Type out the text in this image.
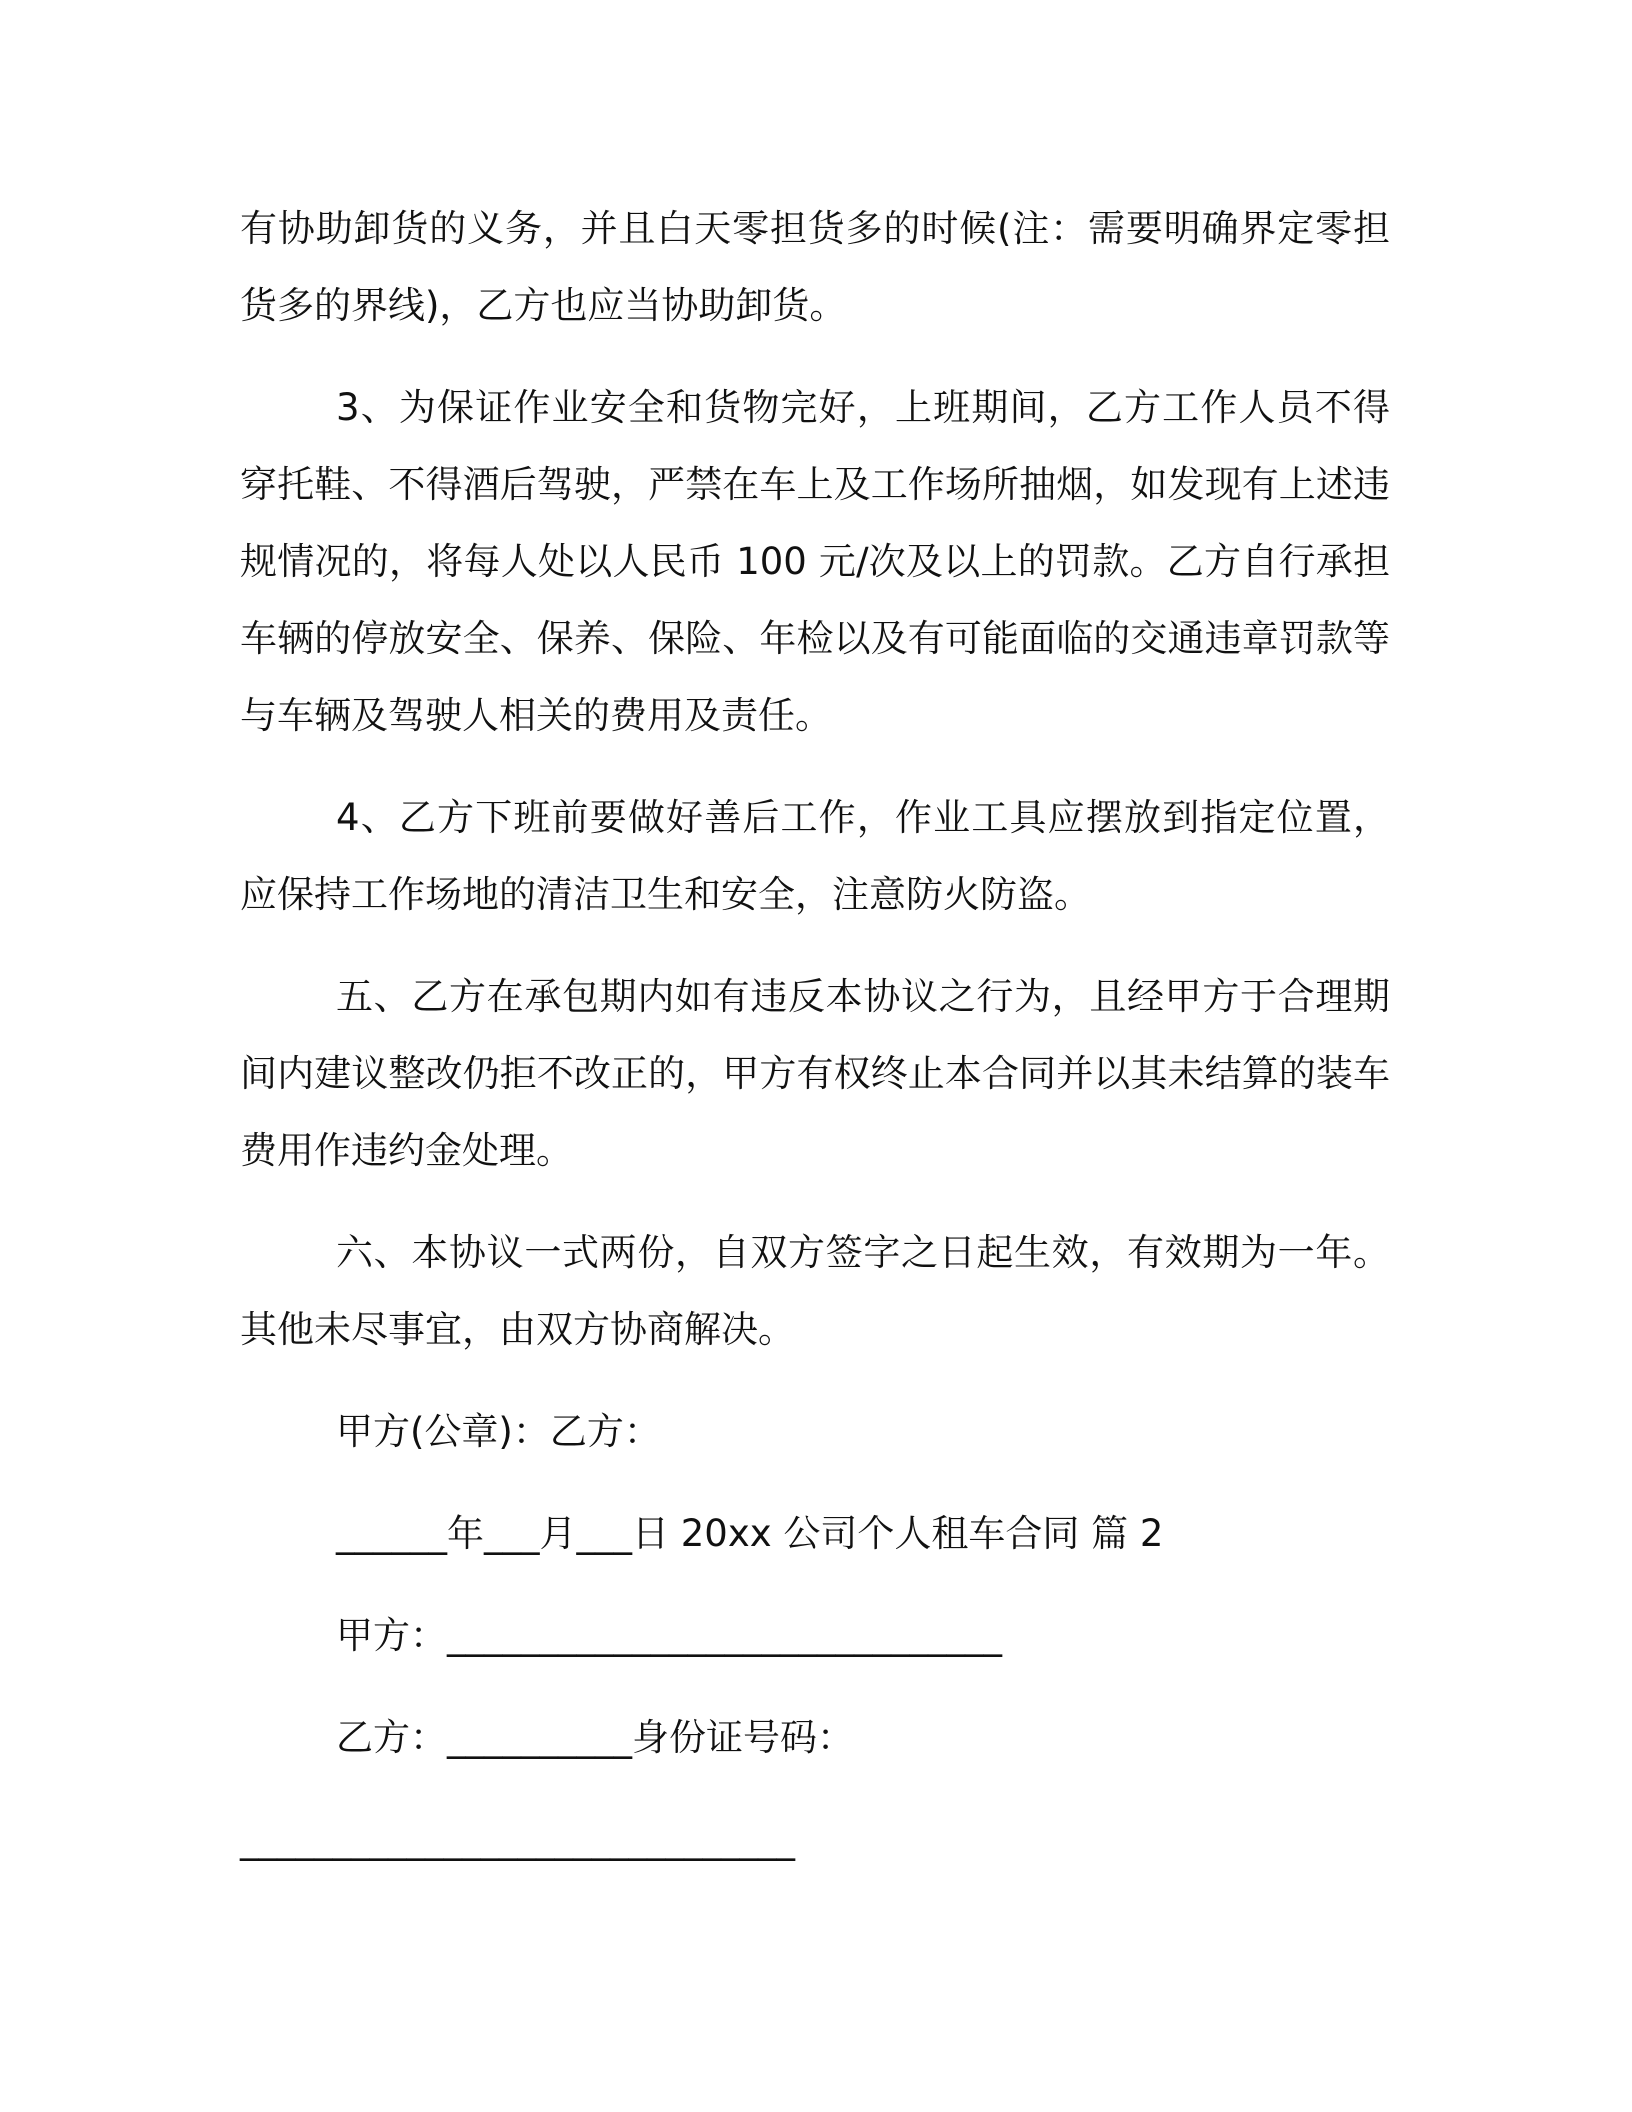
有协助卸货的义务，并且白天零担货多的时候(注：需要明确界定零担货多的界线)，乙方也应当协助卸货。

3、为保证作业安全和货物完好，上班期间，乙方工作人员不得穿托鞋、不得酒后驾驶，严禁在车上及工作场所抽烟，如发现有上述违规情况的，将每人处以人民币 100 元/次及以上的罚款。乙方自行承担车辆的停放安全、保养、保险、年检以及有可能面临的交通违章罚款等与车辆及驾驶人相关的费用及责任。

4、乙方下班前要做好善后工作，作业工具应摆放到指定位置，应保持工作场地的清洁卫生和安全，注意防火防盗。

五、乙方在承包期内如有违反本协议之行为，且经甲方于合理期间内建议整改仍拒不改正的，甲方有权终止本合同并以其未结算的装车费用作违约金处理。

六、本协议一式两份，自双方签字之日起生效，有效期为一年。其他未尽事宜，由双方协商解决。

甲方(公章)：乙方：
______年___月___日 20xx 公司个人租车合同 篇 2
甲方：______________________________
乙方：__________身份证号码：
______________________________
